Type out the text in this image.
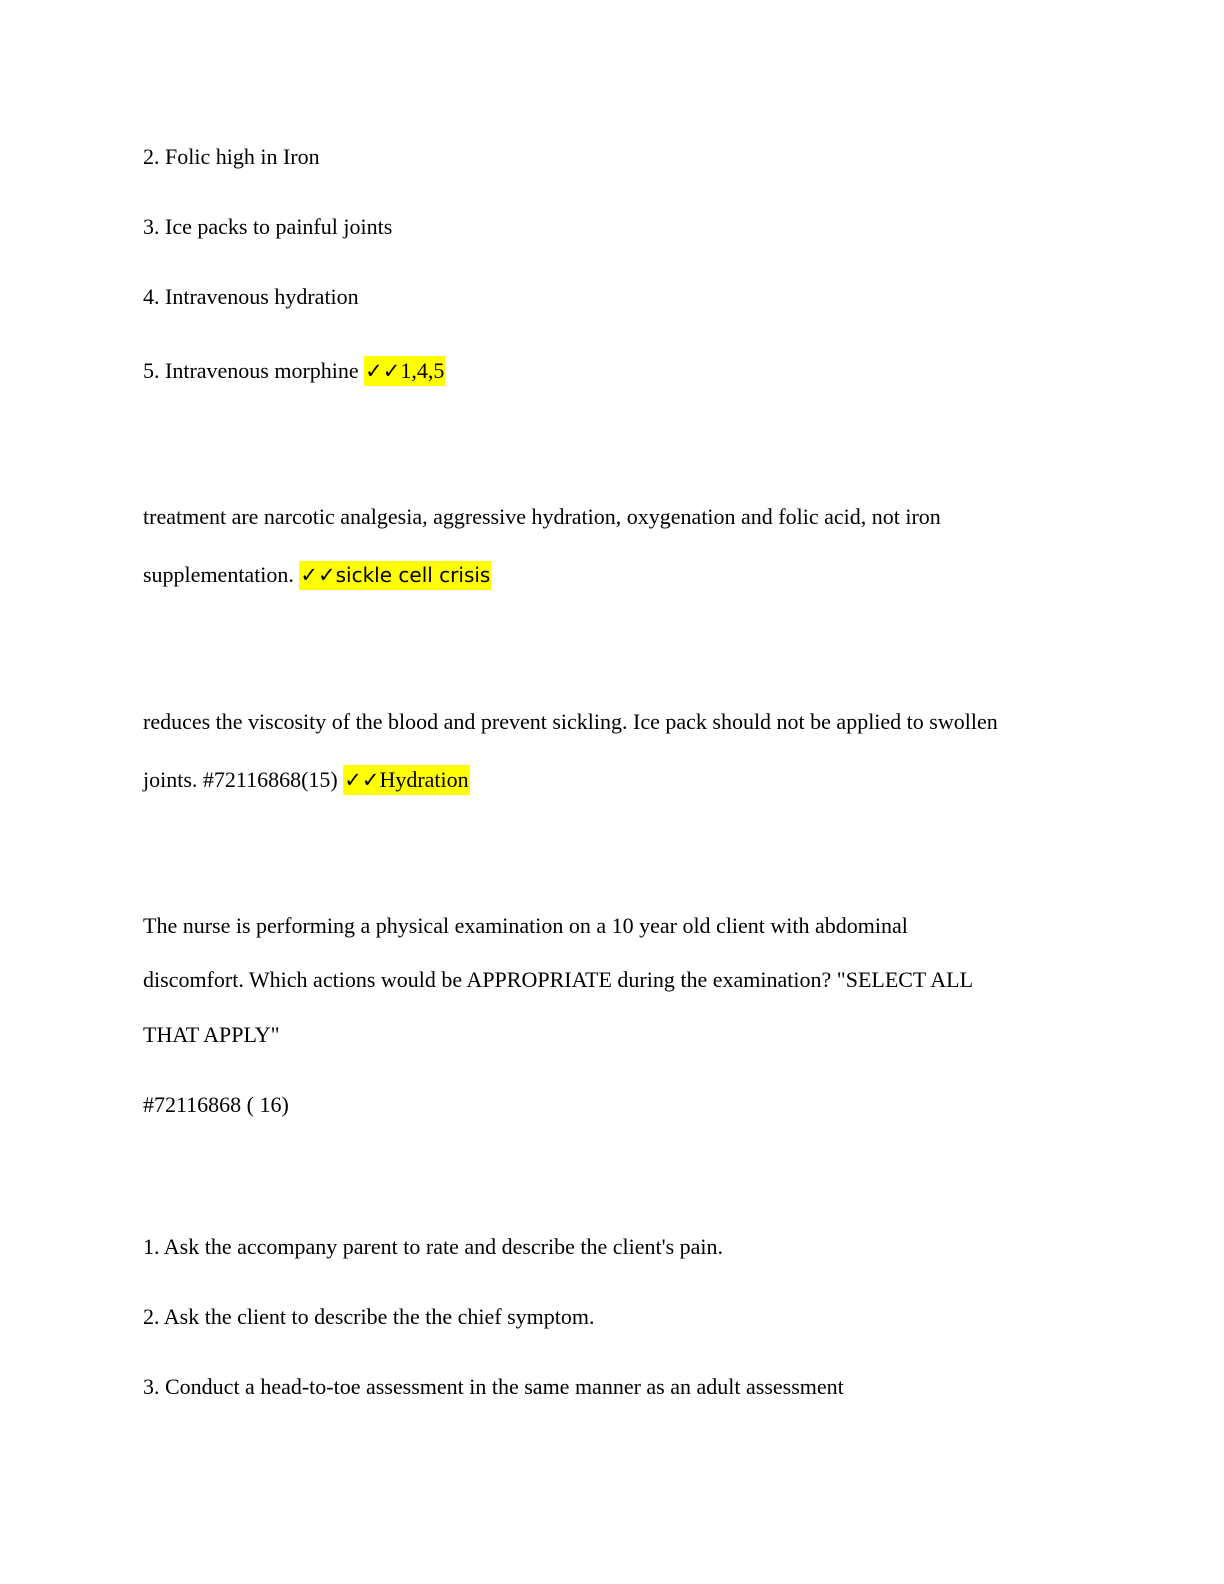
2. Folic high in Iron
3. Ice packs to painful joints
4. Intravenous hydration
5. Intravenous morphine ✓✓1,4,5
treatment are narcotic analgesia, aggressive hydration, oxygenation and folic acid, not iron
supplementation. ✓✓sickle cell crisis
reduces the viscosity of the blood and prevent sickling. Ice pack should not be applied to swollen
joints. #72116868(15) ✓✓Hydration
The nurse is performing a physical examination on a 10 year old client with abdominal
discomfort. Which actions would be APPROPRIATE during the examination? "SELECT ALL
THAT APPLY"
#72116868 ( 16)
1. Ask the accompany parent to rate and describe the client's pain.
2. Ask the client to describe the the chief symptom.
3. Conduct a head-to-toe assessment in the same manner as an adult assessment
